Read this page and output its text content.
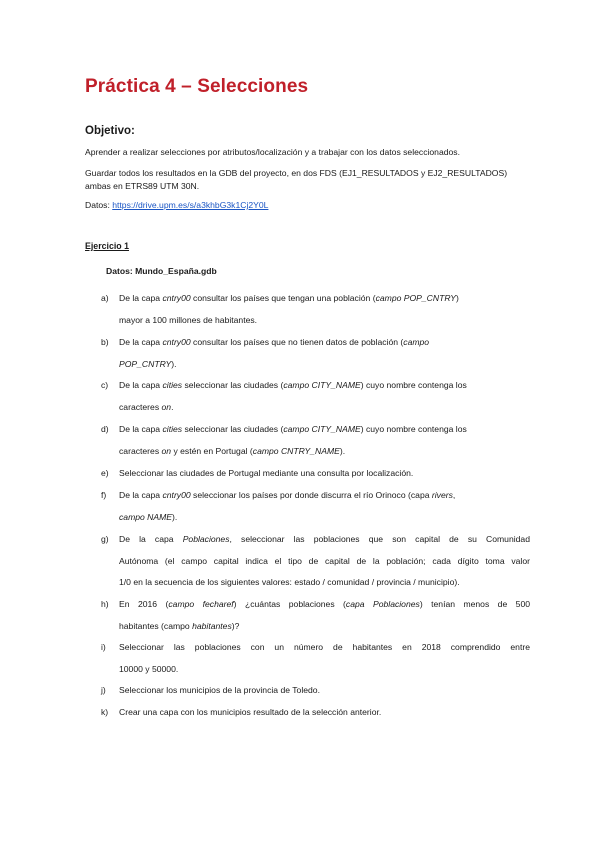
Práctica 4 – Selecciones
Objetivo:
Aprender a realizar selecciones por atributos/localización y a trabajar con los datos seleccionados.
Guardar todos los resultados en la GDB del proyecto, en dos FDS (EJ1_RESULTADOS y EJ2_RESULTADOS) ambas en ETRS89 UTM 30N.
Datos: https://drive.upm.es/s/a3khbG3k1Cj2Y0L
Ejercicio 1
Datos: Mundo_España.gdb
a) De la capa cntry00 consultar los países que tengan una población (campo POP_CNTRY)
mayor a 100 millones de habitantes.
b) De la capa cntry00 consultar los países que no tienen datos de población (campo
POP_CNTRY).
c) De la capa cities seleccionar las ciudades (campo CITY_NAME) cuyo nombre contenga los
caracteres on.
d) De la capa cities seleccionar las ciudades (campo CITY_NAME) cuyo nombre contenga los
caracteres on y estén en Portugal (campo CNTRY_NAME).
e) Seleccionar las ciudades de Portugal mediante una consulta por localización.
f) De la capa cntry00 seleccionar los países por donde discurra el río Orinoco (capa rivers,
campo NAME).
g) De la capa Poblaciones, seleccionar las poblaciones que son capital de su Comunidad
Autónoma (el campo capital indica el tipo de capital de la población; cada dígito toma valor
1/0 en la secuencia de los siguientes valores: estado / comunidad / provincia / municipio).
h) En 2016 (campo fecharef) ¿cuántas poblaciones (capa Poblaciones) tenían menos de 500
habitantes (campo habitantes)?
i) Seleccionar las poblaciones con un número de habitantes en 2018 comprendido entre
10000 y 50000.
j) Seleccionar los municipios de la provincia de Toledo.
k) Crear una capa con los municipios resultado de la selección anterior.
